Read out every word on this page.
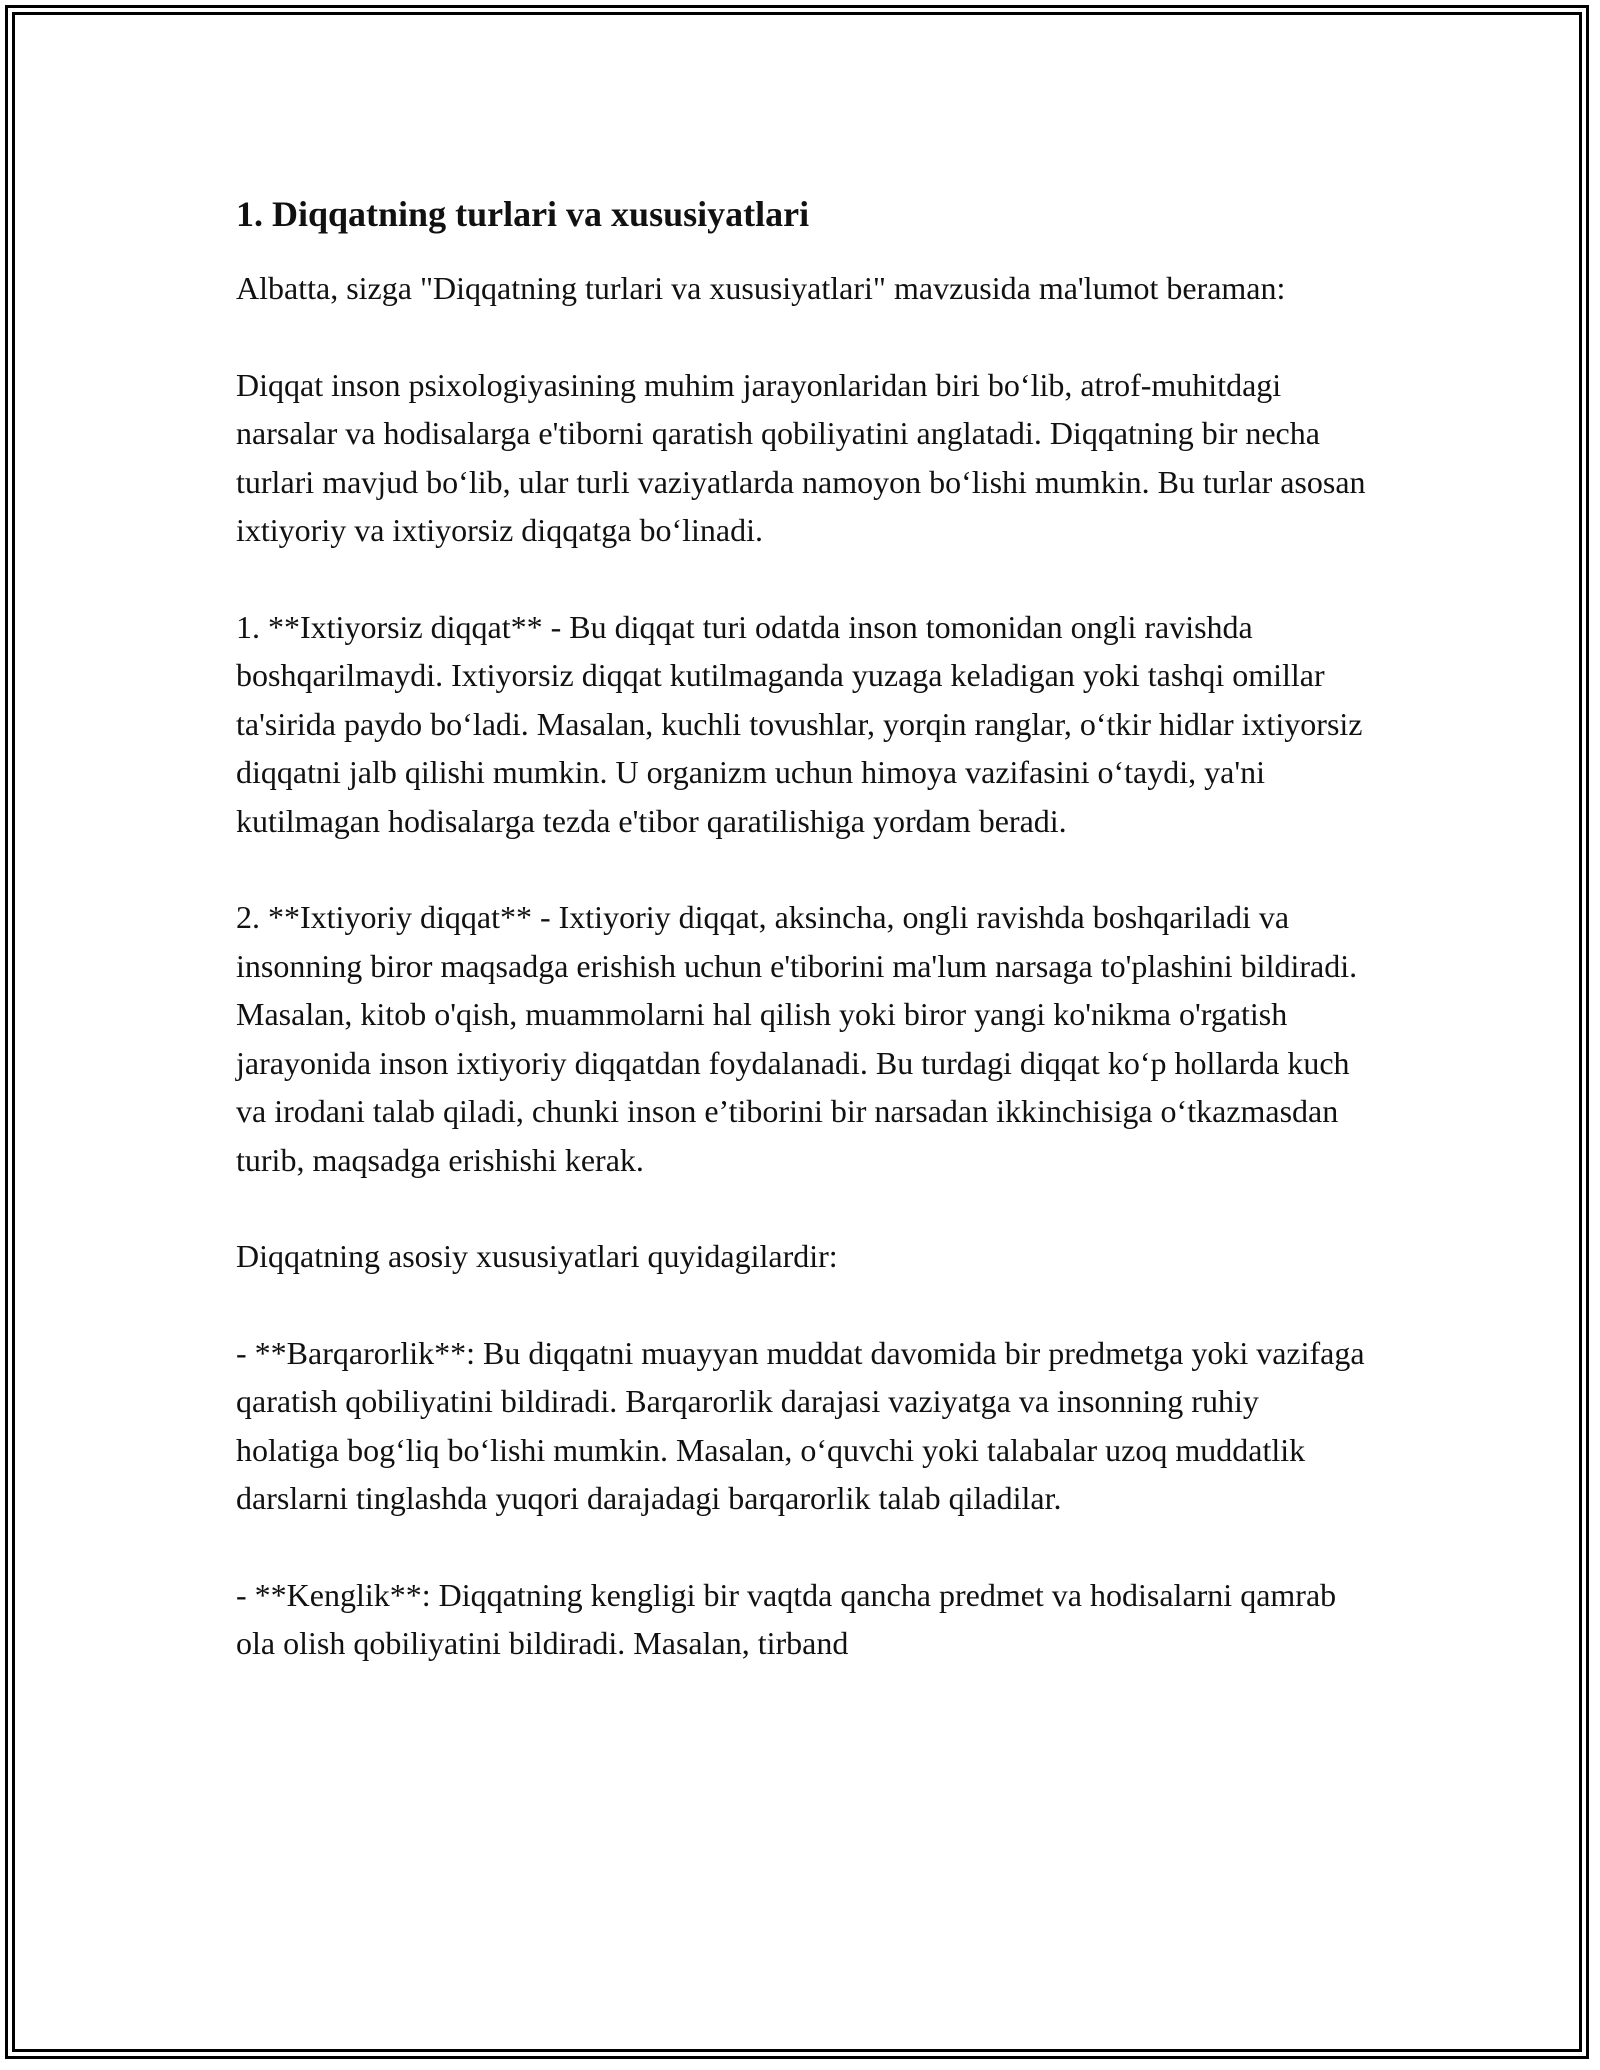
1. Diqqatning turlari va xususiyatlari

Albatta, sizga "Diqqatning turlari va xususiyatlari" mavzusida ma'lumot beraman:

Diqqat inson psixologiyasining muhim jarayonlaridan biri boʻlib, atrof-muhitdagi narsalar va hodisalarga e'tiborni qaratish qobiliyatini anglatadi. Diqqatning bir necha turlari mavjud boʻlib, ular turli vaziyatlarda namoyon boʻlishi mumkin. Bu turlar asosan ixtiyoriy va ixtiyorsiz diqqatga boʻlinadi.

1. **Ixtiyorsiz diqqat** - Bu diqqat turi odatda inson tomonidan ongli ravishda boshqarilmaydi. Ixtiyorsiz diqqat kutilmaganda yuzaga keladigan yoki tashqi omillar ta'sirida paydo boʻladi. Masalan, kuchli tovushlar, yorqin ranglar, oʻtkir hidlar ixtiyorsiz diqqatni jalb qilishi mumkin. U organizm uchun himoya vazifasini oʻtaydi, ya'ni kutilmagan hodisalarga tezda e'tibor qaratilishiga yordam beradi.

2. **Ixtiyoriy diqqat** - Ixtiyoriy diqqat, aksincha, ongli ravishda boshqariladi va insonning biror maqsadga erishish uchun e'tiborini ma'lum narsaga to'plashini bildiradi. Masalan, kitob o'qish, muammolarni hal qilish yoki biror yangi ko'nikma o'rgatish jarayonida inson ixtiyoriy diqqatdan foydalanadi. Bu turdagi diqqat koʻp hollarda kuch va irodani talab qiladi, chunki inson e’tiborini bir narsadan ikkinchisiga oʻtkazmasdan turib, maqsadga erishishi kerak.

Diqqatning asosiy xususiyatlari quyidagilardir:

- **Barqarorlik**: Bu diqqatni muayyan muddat davomida bir predmetga yoki vazifaga qaratish qobiliyatini bildiradi. Barqarorlik darajasi vaziyatga va insonning ruhiy holatiga bogʻliq boʻlishi mumkin. Masalan, oʻquvchi yoki talabalar uzoq muddatlik darslarni tinglashda yuqori darajadagi barqarorlik talab qiladilar.

- **Kenglik**: Diqqatning kengligi bir vaqtda qancha predmet va hodisalarni qamrab ola olish qobiliyatini bildiradi. Masalan, tirband
